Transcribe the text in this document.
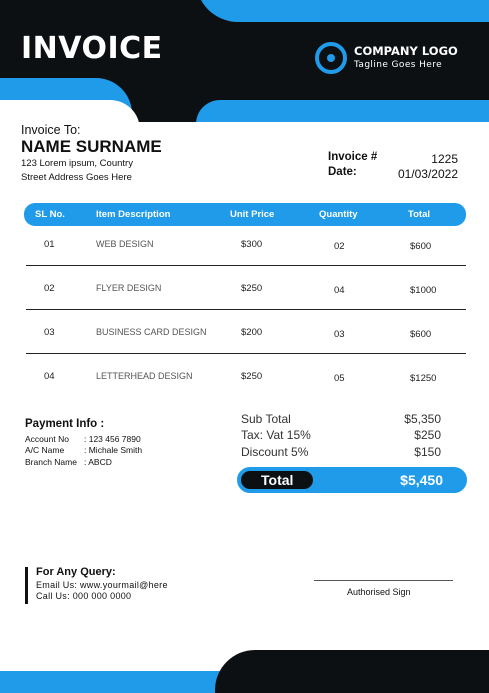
INVOICE	COMPANY LOGO
Tagline Goes Here
Invoice To:
NAME SURNAME
123 Lorem ipsum, Country
Street Address Goes Here
Invoice #	1225
Date:	01/03/2022
SL No.	Item Description	Unit Price	Quantity	Total
01	WEB DESIGN	$300	02	$600
02	FLYER DESIGN	$250	04	$1000
03	BUSINESS CARD DESIGN	$200	03	$600
04	LETTERHEAD DESIGN	$250	05	$1250
Payment Info :
Account No : 123 456 7890
A/C Name : Michale Smith
Branch Name : ABCD
Sub Total	$5,350
Tax: Vat 15%	$250
Discount 5%	$150
Total	$5,450
For Any Query:
Email Us: www.yourmail@here
Call Us: 000 000 0000	Authorised Sign
